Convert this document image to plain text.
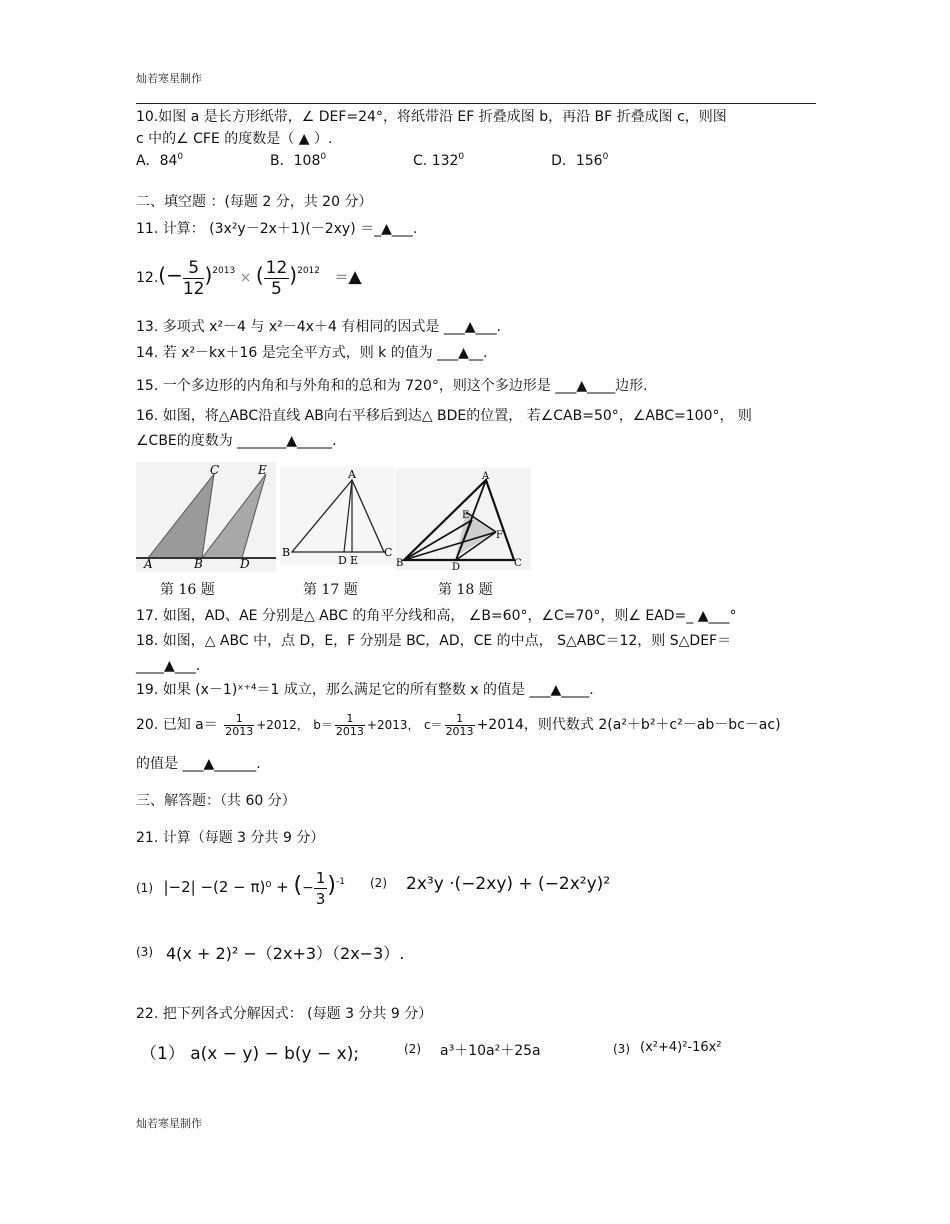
灿若寒星制作
10.如图 a 是长方形纸带，∠ DEF=24°，将纸带沿 EF 折叠成图 b，再沿 BF 折叠成图 c，则图
c 中的∠ CFE 的度数是（ ▲ ）.
A．$84^0$	B．$108^0$	C. $132^0$	D．$156^0$
二、填空题 ：(每题 2 分，共 20 分）
11. 计算： (3x²y－2x＋1)(－2xy) ＝_▲___.
$12.(- \frac{5}{12})^{2013}$ × ( $\frac{12}{5})^{2012}$ ＝▲
13. 多项式 x²－4 与 x²－4x＋4 有相同的因式是 ___▲___.
14. 若 x²－kx＋16 是完全平方式，则 k 的值为 ___▲__.
15. 一个多边形的内角和与外角和的总和为 720°，则这个多边形是 ___▲____边形.
16. 如图，将△ABC沿直线 AB向右平移后到达△ BDE的位置， 若∠CAB=50°，∠ABC=100°， 则
∠CBE的度数为 _______▲_____.
C	E
A	B	D
A
B
D E
C
A
E
F
B	D	C
第 16 题	第 17 题	第 18 题
17. 如图，AD、AE 分别是△ ABC 的角平分线和高， ∠B=60°，∠C=70°，则∠ EAD=_ ▲___°
18. 如图，△ ABC 中，点 D，E，F 分别是 BC，AD，CE 的中点， S△ABC＝12，则 S△DEF＝
____▲___.
19. 如果 (x－1)ˣ⁺⁴＝1 成立，那么满足它的所有整数 x 的值是 ___▲____.
20. 已知 $a= \frac{1}{2013} +2012$， $b= \frac{1}{2013} +2013$， $c= \frac{1}{2013} +2014$，则代数式 2(a²＋b²＋c²－ab－bc－ac)
的值是 ___▲______.
三、解答题：（共 60 分）
21. 计算（每题 3 分共 9 分）
(1) |−2| −(2 − π)⁰ + (− $\frac{1}{3})^{-1}$ (2) 2x³y ·(−2xy) + (−2x²y)²
(3) 4(x + 2)² −（2x+3）（2x−3）.
22. 把下列各式分解因式： (每题 3 分共 9 分）
（1） a(x − y) − b(y − x);	(2) a³＋10a²＋25a	(3) (x²+4)²-16x²
灿若寒星制作
